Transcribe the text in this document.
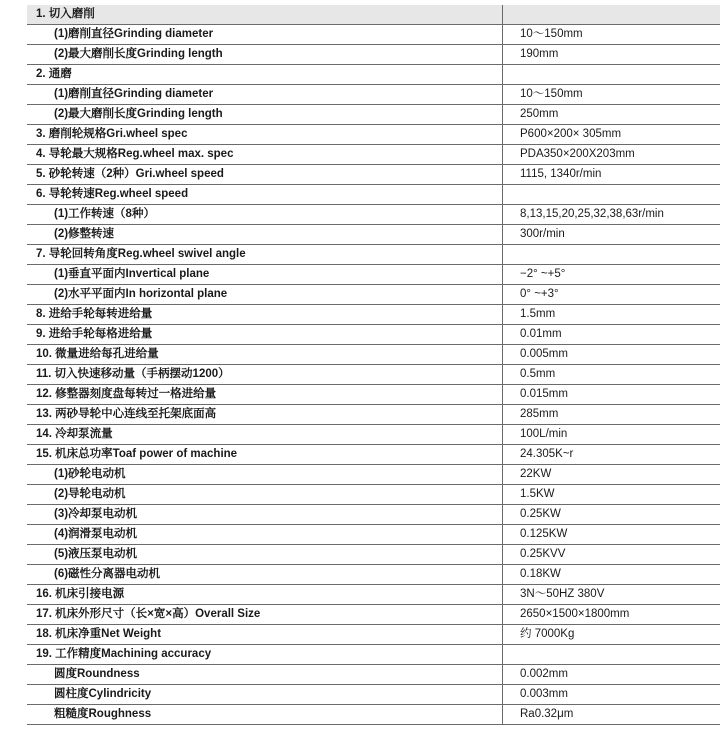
1. 切入磨削	
(1)磨削直径Grinding diameter	10～150mm
(2)最大磨削长度Grinding length	190mm
2. 通磨	
(1)磨削直径Grinding diameter	10～150mm
(2)最大磨削长度Grinding length	250mm
3. 磨削轮规格Gri.wheel spec	P600×200× 305mm
4. 导轮最大规格Reg.wheel max. spec	PDA350×200X203mm
5. 砂轮转速（2种）Gri.wheel speed	1115, 1340r/min
6. 导轮转速Reg.wheel speed	
(1)工作转速（8种）	8,13,15,20,25,32,38,63r/min
(2)修整转速	300r/min
7. 导轮回转角度Reg.wheel swivel angle	
(1)垂直平面内Invertical plane	−2° ~+5°
(2)水平平面内In horizontal plane	0° ~+3°
8. 进给手轮每转进给量	1.5mm
9. 进给手轮每格进给量	0.01mm
10. 微量进给每孔进给量	0.005mm
11. 切入快速移动量（手柄摆动1200）	0.5mm
12. 修整器刻度盘每转过一格进给量	0.015mm
13. 两砂导轮中心连线至托架底面高	285mm
14. 冷却泵流量	100L/min
15. 机床总功率Toaf power of machine	24.305K~r
(1)砂轮电动机	22KW
(2)导轮电动机	1.5KW
(3)冷却泵电动机	0.25KW
(4)润滑泵电动机	0.125KW
(5)液压泵电动机	0.25KVV
(6)磁性分离器电动机	0.18KW
16. 机床引接电源	3N～50HZ 380V
17. 机床外形尺寸（长×宽×高）Overall Size	2650×1500×1800mm
18. 机床净重Net Weight	约 7000Kg
19. 工作精度Machining accuracy	
圆度Roundness	0.002mm
圆柱度Cylindricity	0.003mm
粗糙度Roughness	Ra0.32μm
